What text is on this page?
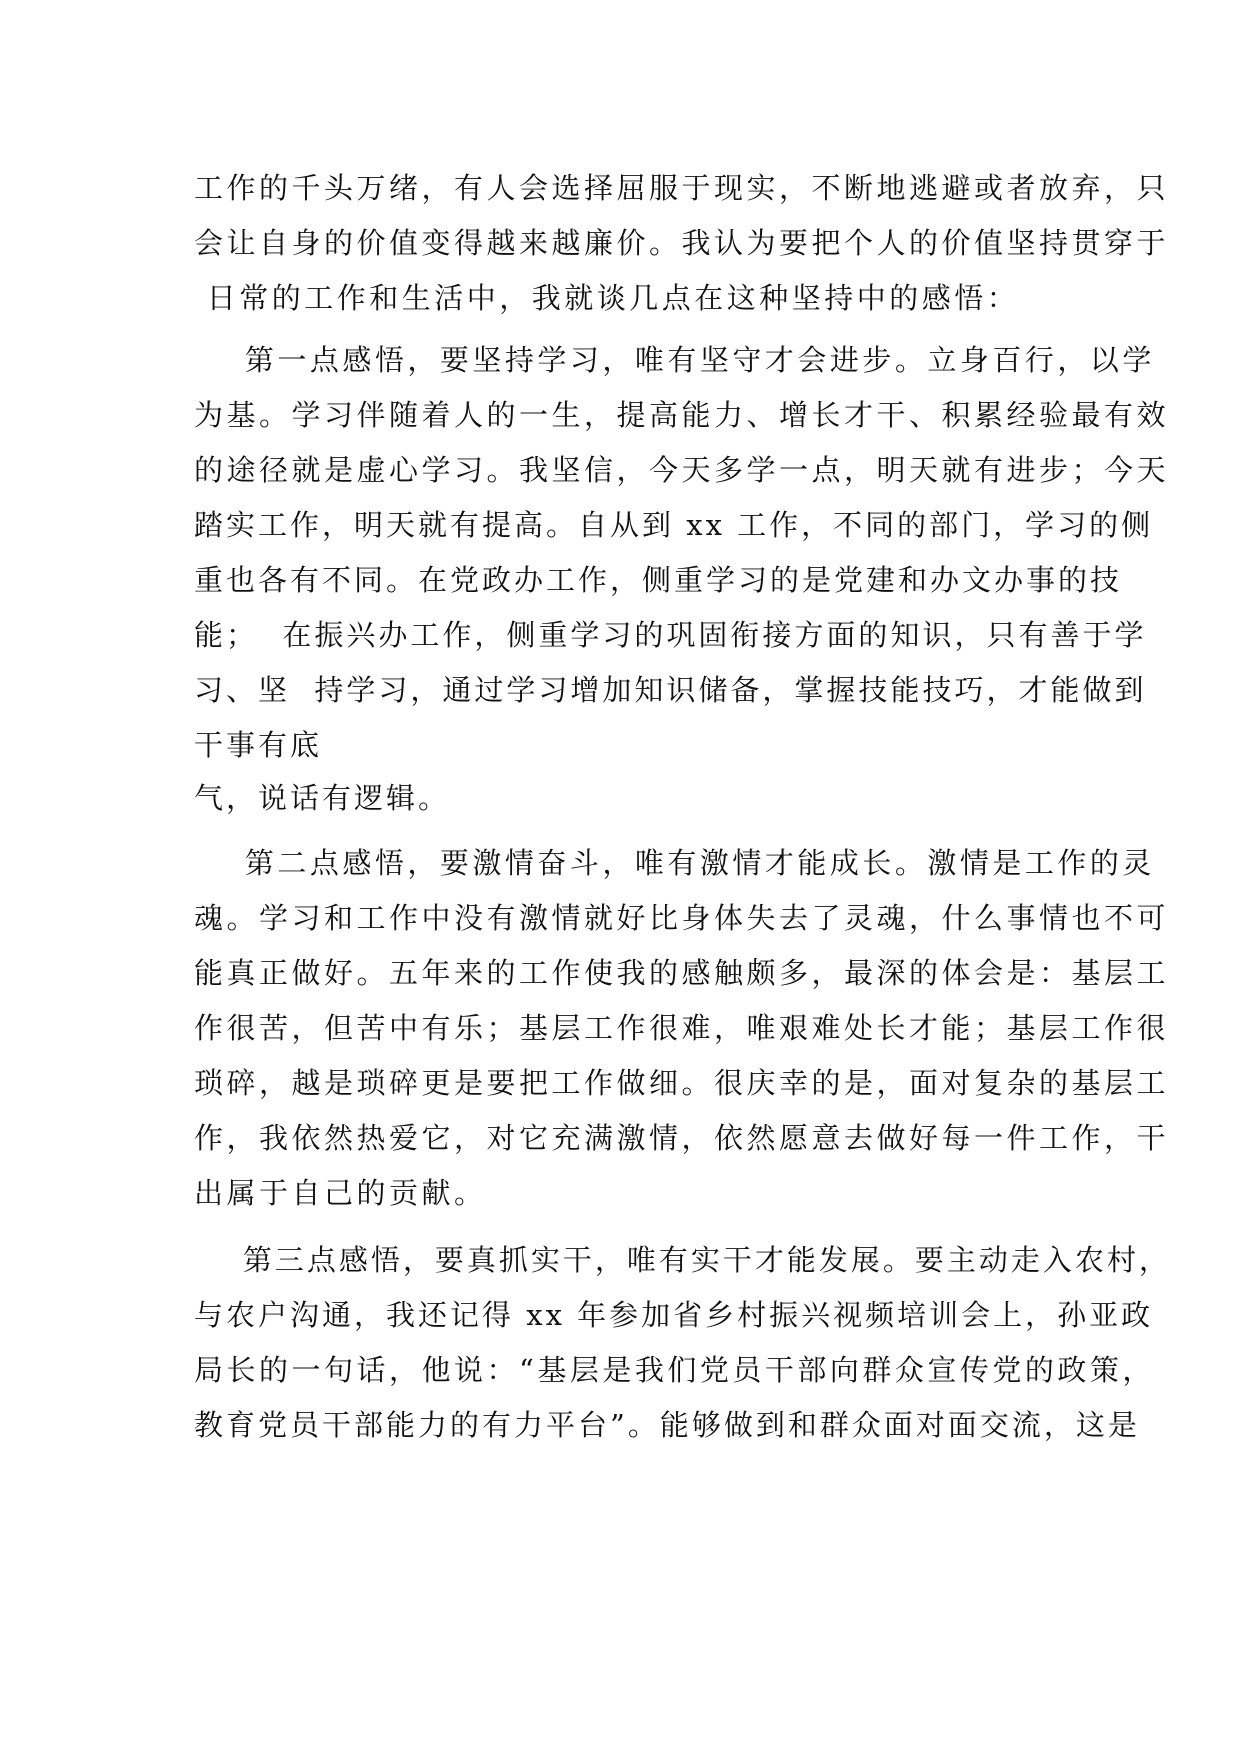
工作的千头万绪，有人会选择屈服于现实，不断地逃避或者放弃，只
会让自身的价值变得越来越廉价。我认为要把个人的价值坚持贯穿于
日常的工作和生活中，我就谈几点在这种坚持中的感悟：
第一点感悟，要坚持学习，唯有坚守才会进步。立身百行，以学
为基。学习伴随着人的一生，提高能力、增长才干、积累经验最有效
的途径就是虚心学习。我坚信，今天多学一点，明天就有进步；今天
踏实工作，明天就有提高。自从到 xx 工作，不同的部门，学习的侧
重也各有不同。在党政办工作，侧重学习的是党建和办文办事的技
能；  在振兴办工作，侧重学习的巩固衔接方面的知识，只有善于学
习、坚  持学习，通过学习增加知识储备，掌握技能技巧，才能做到
干事有底
气，说话有逻辑。
第二点感悟，要激情奋斗，唯有激情才能成长。激情是工作的灵
魂。学习和工作中没有激情就好比身体失去了灵魂，什么事情也不可
能真正做好。五年来的工作使我的感触颇多，最深的体会是：基层工
作很苦，但苦中有乐；基层工作很难，唯艰难处长才能；基层工作很
琐碎，越是琐碎更是要把工作做细。很庆幸的是，面对复杂的基层工
作，我依然热爱它，对它充满激情，依然愿意去做好每一件工作，干
出属于自己的贡献。
第三点感悟，要真抓实干，唯有实干才能发展。要主动走入农村，
与农户沟通，我还记得 xx 年参加省乡村振兴视频培训会上，孙亚政
局长的一句话，他说：“基层是我们党员干部向群众宣传党的政策，
教育党员干部能力的有力平台”。能够做到和群众面对面交流，这是
